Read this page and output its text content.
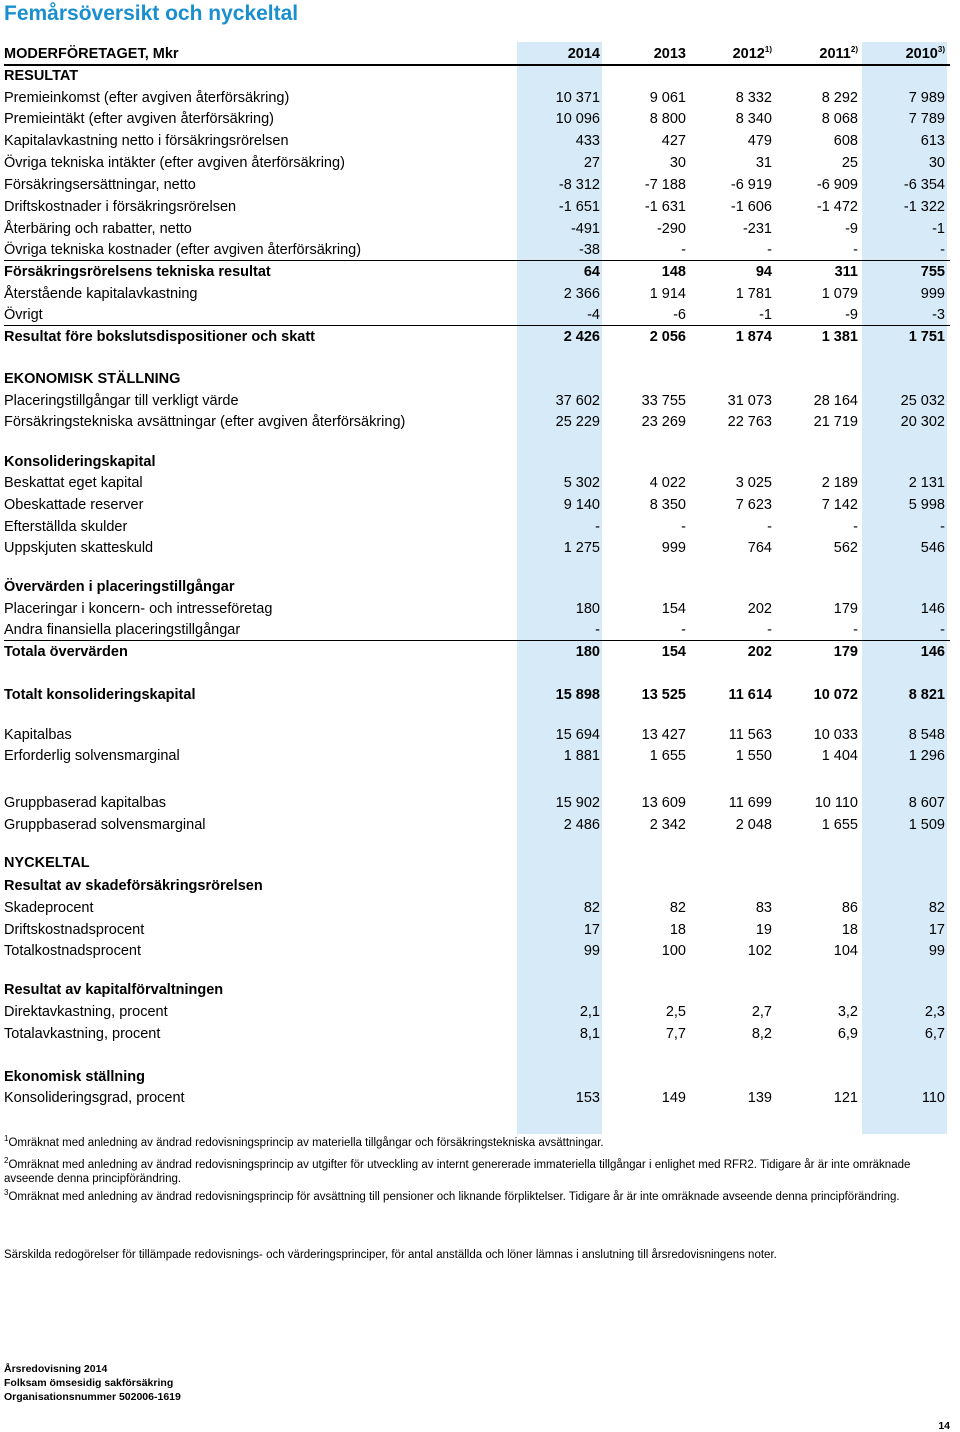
Femårsöversikt och nyckeltal
MODERFÖRETAGET, Mkr	2014	2013	2012$^{1)}$	2011$^{2)}$	2010$^{3)}$
RESULTAT
Premieinkomst (efter avgiven återförsäkring)	10 371	9 061	8 332	8 292	7 989
Premieintäkt (efter avgiven återförsäkring)	10 096	8 800	8 340	8 068	7 789
Kapitalavkastning netto i försäkringsrörelsen	433	427	479	608	613
Övriga tekniska intäkter (efter avgiven återförsäkring)	27	30	31	25	30
Försäkringsersättningar, netto	-8 312	-7 188	-6 919	-6 909	-6 354
Driftskostnader i försäkringsrörelsen	-1 651	-1 631	-1 606	-1 472	-1 322
Återbäring och rabatter, netto	-491	-290	-231	-9	-1
Övriga tekniska kostnader (efter avgiven återförsäkring)	-38	-	-	-	-
Försäkringsrörelsens tekniska resultat	64	148	94	311	755
Återstående kapitalavkastning	2 366	1 914	1 781	1 079	999
Övrigt	-4	-6	-1	-9	-3
Resultat före bokslutsdispositioner och skatt	2 426	2 056	1 874	1 381	1 751
EKONOMISK STÄLLNING
Placeringstillgångar till verkligt värde	37 602	33 755	31 073	28 164	25 032
Försäkringstekniska avsättningar (efter avgiven återförsäkring)	25 229	23 269	22 763	21 719	20 302
Konsolideringskapital
Beskattat eget kapital	5 302	4 022	3 025	2 189	2 131
Obeskattade reserver	9 140	8 350	7 623	7 142	5 998
Efterställda skulder	-	-	-	-	-
Uppskjuten skatteskuld	1 275	999	764	562	546
Övervärden i placeringstillgångar
Placeringar i koncern- och intresseföretag	180	154	202	179	146
Andra finansiella placeringstillgångar	-	-	-	-	-
Totala övervärden	180	154	202	179	146
Totalt konsolideringskapital	15 898	13 525	11 614	10 072	8 821
Kapitalbas	15 694	13 427	11 563	10 033	8 548
Erforderlig solvensmarginal	1 881	1 655	1 550	1 404	1 296
Gruppbaserad kapitalbas	15 902	13 609	11 699	10 110	8 607
Gruppbaserad solvensmarginal	2 486	2 342	2 048	1 655	1 509
NYCKELTAL
Resultat av skadeförsäkringsrörelsen
Skadeprocent	82	82	83	86	82
Driftskostnadsprocent	17	18	19	18	17
Totalkostnadsprocent	99	100	102	104	99
Resultat av kapitalförvaltningen
Direktavkastning, procent	2,1	2,5	2,7	3,2	2,3
Totalavkastning, procent	8,1	7,7	8,2	6,9	6,7
Ekonomisk ställning
Konsolideringsgrad, procent	153	149	139	121	110
$^1$Omräknat med anledning av ändrad redovisningsprincip av materiella tillgångar och försäkringstekniska avsättningar.
$^2$Omräknat med anledning av ändrad redovisningsprincip av utgifter för utveckling av internt genererade immateriella tillgångar i enlighet med RFR2. Tidigare år är inte omräknade avseende denna principförändring.
$^3$Omräknat med anledning av ändrad redovisningsprincip för avsättning till pensioner och liknande förpliktelser. Tidigare år är inte omräknade avseende denna principförändring.
Särskilda redogörelser för tillämpade redovisnings- och värderingsprinciper, för antal anställda och löner lämnas i anslutning till årsredovisningens noter.
Årsredovisning 2014
Folksam ömsesidig sakförsäkring
Organisationsnummer 502006-1619
14
